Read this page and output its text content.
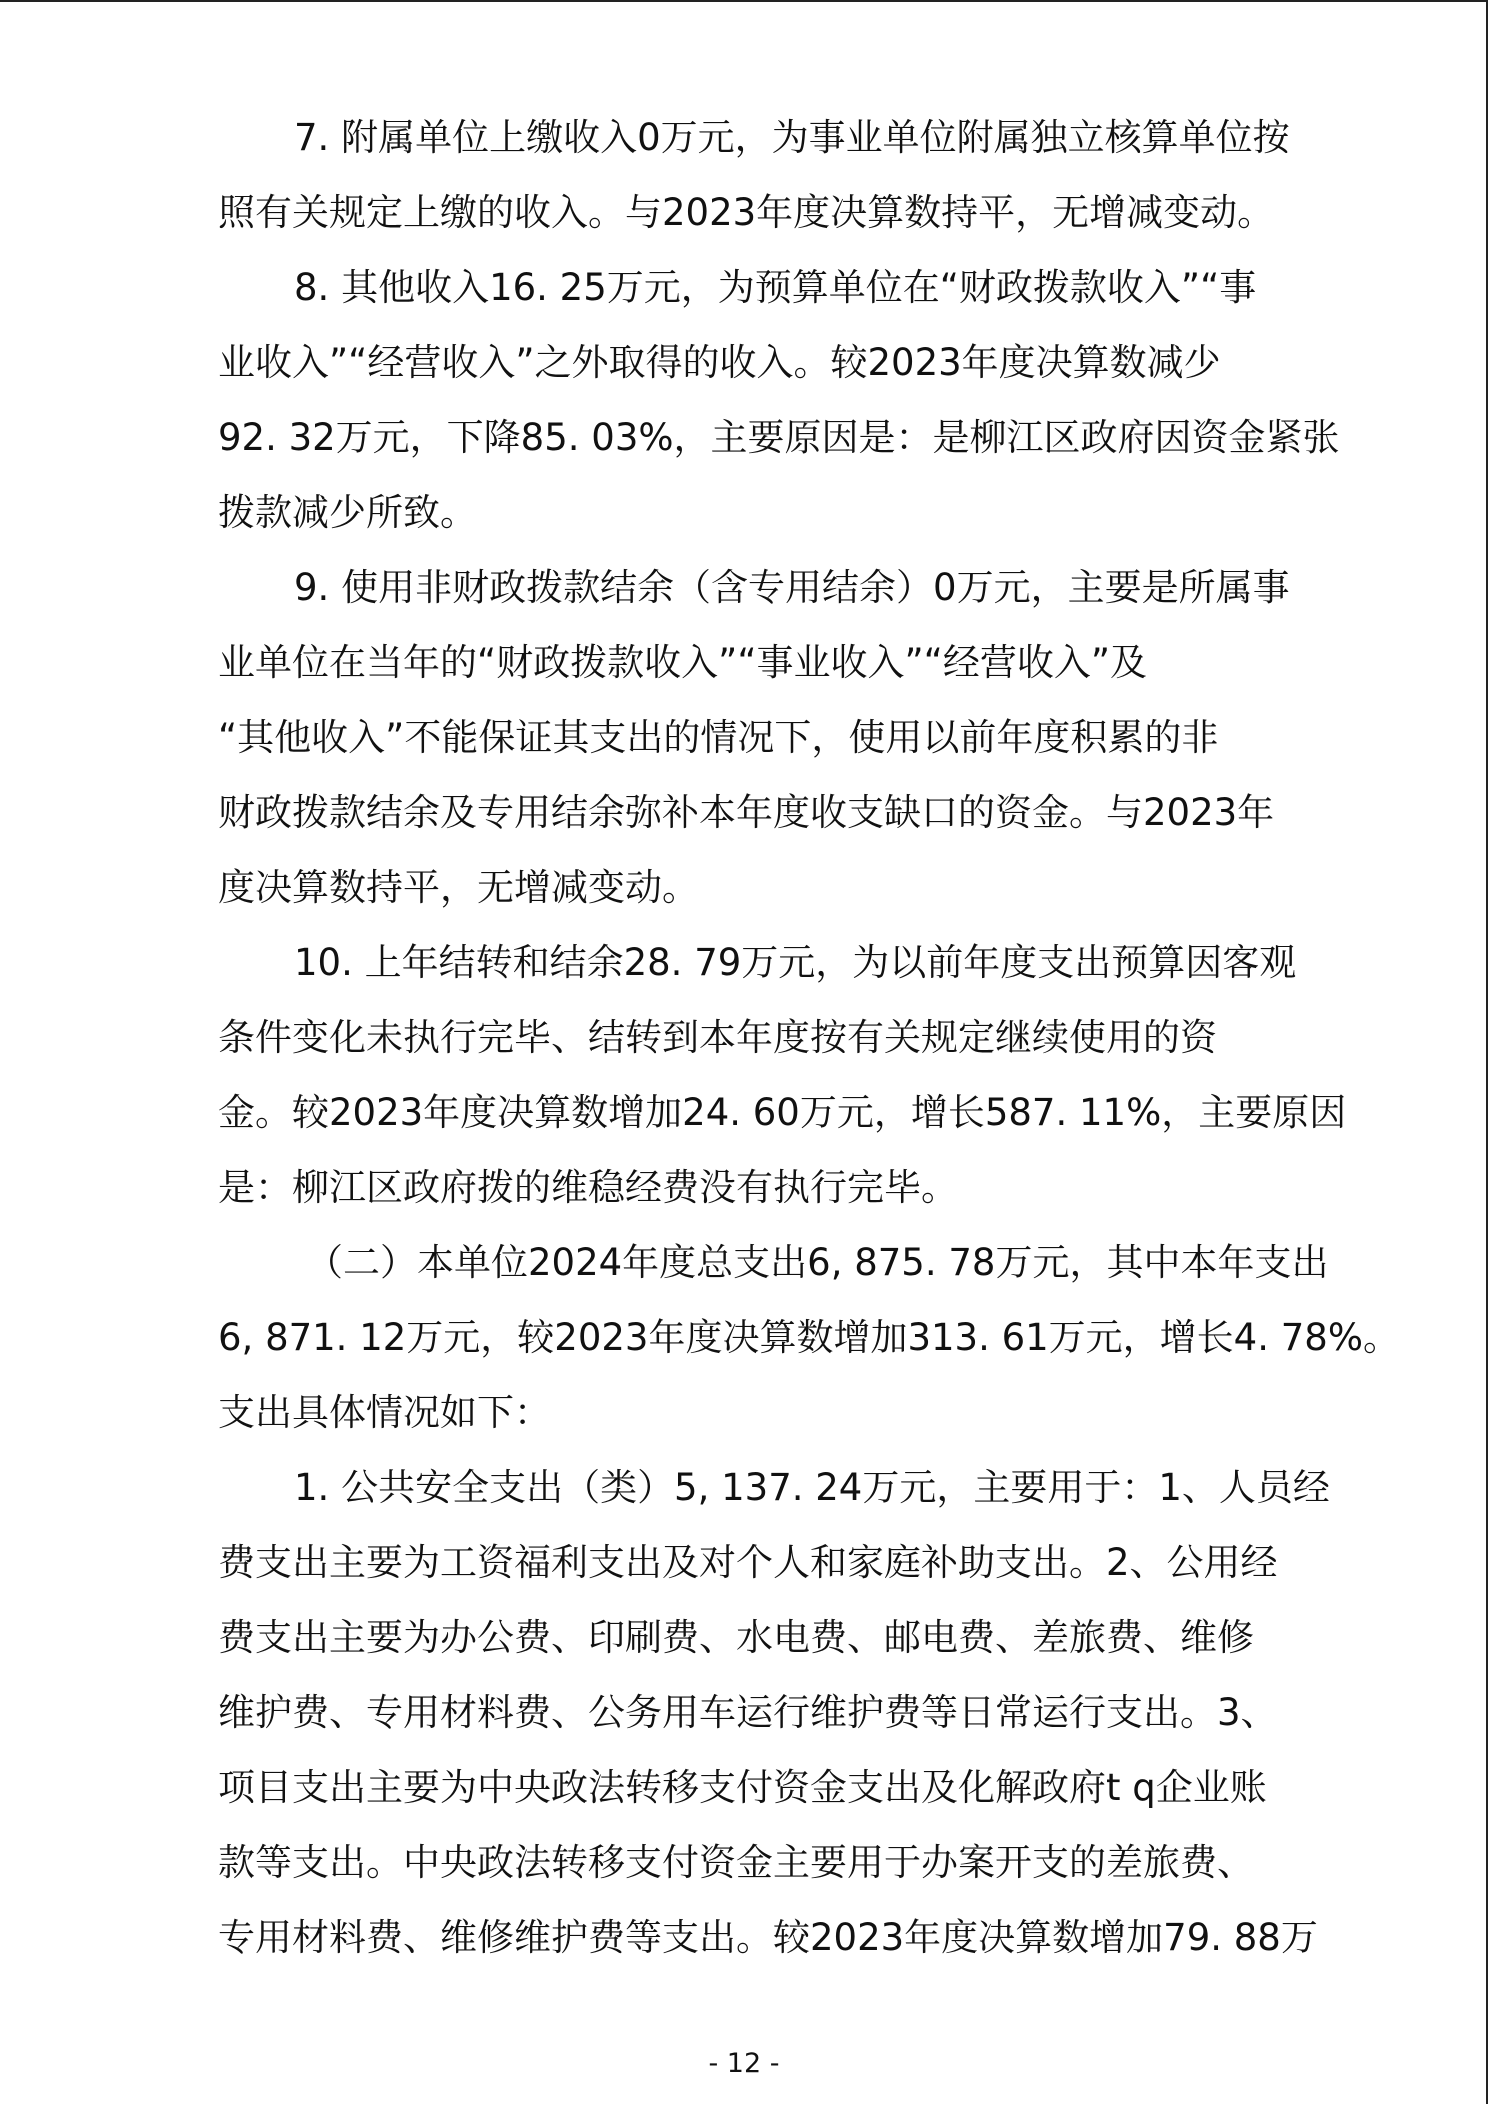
7. 附属单位上缴收入0万元，为事业单位附属独立核算单位按
照有关规定上缴的收入。与2023年度决算数持平，无增减变动。

8. 其他收入16. 25万元，为预算单位在“财政拨款收入”“事
业收入”“经营收入”之外取得的收入。较2023年度决算数减少
92. 32万元，下降85. 03%，主要原因是：是柳江区政府因资金紧张
拨款减少所致。

9. 使用非财政拨款结余（含专用结余）0万元，主要是所属事
业单位在当年的“财政拨款收入”“事业收入”“经营收入”及
“其他收入”不能保证其支出的情况下，使用以前年度积累的非
财政拨款结余及专用结余弥补本年度收支缺口的资金。与2023年
度决算数持平，无增减变动。

10. 上年结转和结余28. 79万元，为以前年度支出预算因客观
条件变化未执行完毕、结转到本年度按有关规定继续使用的资
金。较2023年度决算数增加24. 60万元，增长587. 11%，主要原因
是：柳江区政府拨的维稳经费没有执行完毕。

（二）本单位2024年度总支出6, 875. 78万元，其中本年支出
6, 871. 12万元，较2023年度决算数增加313. 61万元，增长4. 78%。
支出具体情况如下：

1. 公共安全支出（类）5, 137. 24万元，主要用于：1、人员经
费支出主要为工资福利支出及对个人和家庭补助支出。2、公用经
费支出主要为办公费、印刷费、水电费、邮电费、差旅费、维修
维护费、专用材料费、公务用车运行维护费等日常运行支出。3、
项目支出主要为中央政法转移支付资金支出及化解政府t q企业账
款等支出。中央政法转移支付资金主要用于办案开支的差旅费、
专用材料费、维修维护费等支出。较2023年度决算数增加79. 88万

- 12 -
